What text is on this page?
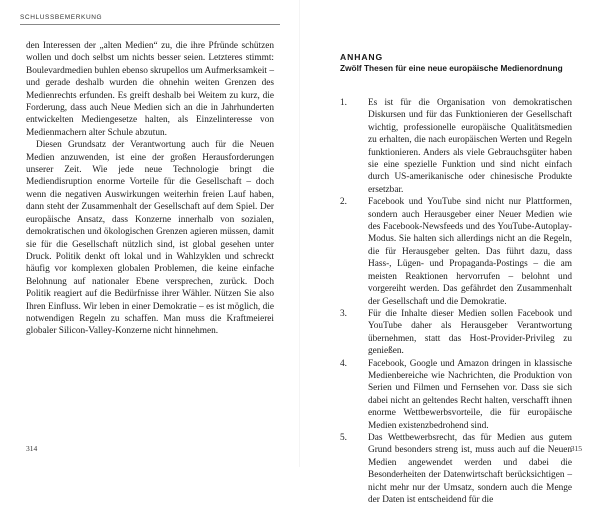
SCHLUSSBEMERKUNG

den Interessen der „alten Medien“ zu, die ihre Pfründe schützen wollen und doch selbst um nichts besser seien. Letzteres stimmt: Boulevardmedien buhlen ebenso skrupellos um Aufmerksamkeit – und gerade deshalb wurden die ohnehin weiten Grenzen des Medienrechts erfunden. Es greift deshalb bei Weitem zu kurz, die Forderung, dass auch Neue Medien sich an die in Jahrhunderten entwickelten Mediengesetze halten, als Einzelinteresse von Medienmachern alter Schule abzutun.

Diesen Grundsatz der Verantwortung auch für die Neuen Medien anzuwenden, ist eine der großen Herausforderungen unserer Zeit. Wie jede neue Technologie bringt die Mediendisruption enorme Vorteile für die Gesellschaft – doch wenn die negativen Auswirkungen weiterhin freien Lauf haben, dann steht der Zusammenhalt der Gesellschaft auf dem Spiel. Der europäische Ansatz, dass Konzerne innerhalb von sozialen, demokratischen und ökologischen Grenzen agieren müssen, damit sie für die Gesellschaft nützlich sind, ist global gesehen unter Druck. Politik denkt oft lokal und in Wahlzyklen und schreckt häufig vor komplexen globalen Problemen, die keine einfache Belohnung auf nationaler Ebene versprechen, zurück. Doch Politik reagiert auf die Bedürfnisse ihrer Wähler. Nützen Sie also Ihren Einfluss. Wir leben in einer Demokratie – es ist möglich, die notwendigen Regeln zu schaffen. Man muss die Kraftmeierei globaler Silicon-Valley-Konzerne nicht hinnehmen.

314
ANHANG
Zwölf Thesen für eine neue europäische Medienordnung
1. Es ist für die Organisation von demokratischen Diskursen und für das Funktionieren der Gesellschaft wichtig, professionelle europäische Qualitätsmedien zu erhalten, die nach europäischen Werten und Regeln funktionieren. Anders als viele Gebrauchsgüter haben sie eine spezielle Funktion und sind nicht einfach durch US-amerikanische oder chinesische Produkte ersetzbar.
2. Facebook und YouTube sind nicht nur Plattformen, sondern auch Herausgeber einer Neuer Medien wie des Facebook-Newsfeeds und des YouTube-Autoplay-Modus. Sie halten sich allerdings nicht an die Regeln, die für Herausgeber gelten. Das führt dazu, dass Hass-, Lügen- und Propaganda-Postings – die am meisten Reaktionen hervorrufen – belohnt und vorgereiht werden. Das gefährdet den Zusammenhalt der Gesellschaft und die Demokratie.
3. Für die Inhalte dieser Medien sollen Facebook und YouTube daher als Herausgeber Verantwortung übernehmen, statt das Host-Provider-Privileg zu genießen.
4. Facebook, Google und Amazon dringen in klassische Medienbereiche wie Nachrichten, die Produktion von Serien und Filmen und Fernsehen vor. Dass sie sich dabei nicht an geltendes Recht halten, verschafft ihnen enorme Wettbewerbsvorteile, die für europäische Medien existenzbedrohend sind.
5. Das Wettbewerbsrecht, das für Medien aus gutem Grund besonders streng ist, muss auch auf die Neuen Medien angewendet werden und dabei die Besonderheiten der Datenwirtschaft berücksichtigen – nicht mehr nur der Umsatz, sondern auch die Menge der Daten ist entscheidend für die
315
